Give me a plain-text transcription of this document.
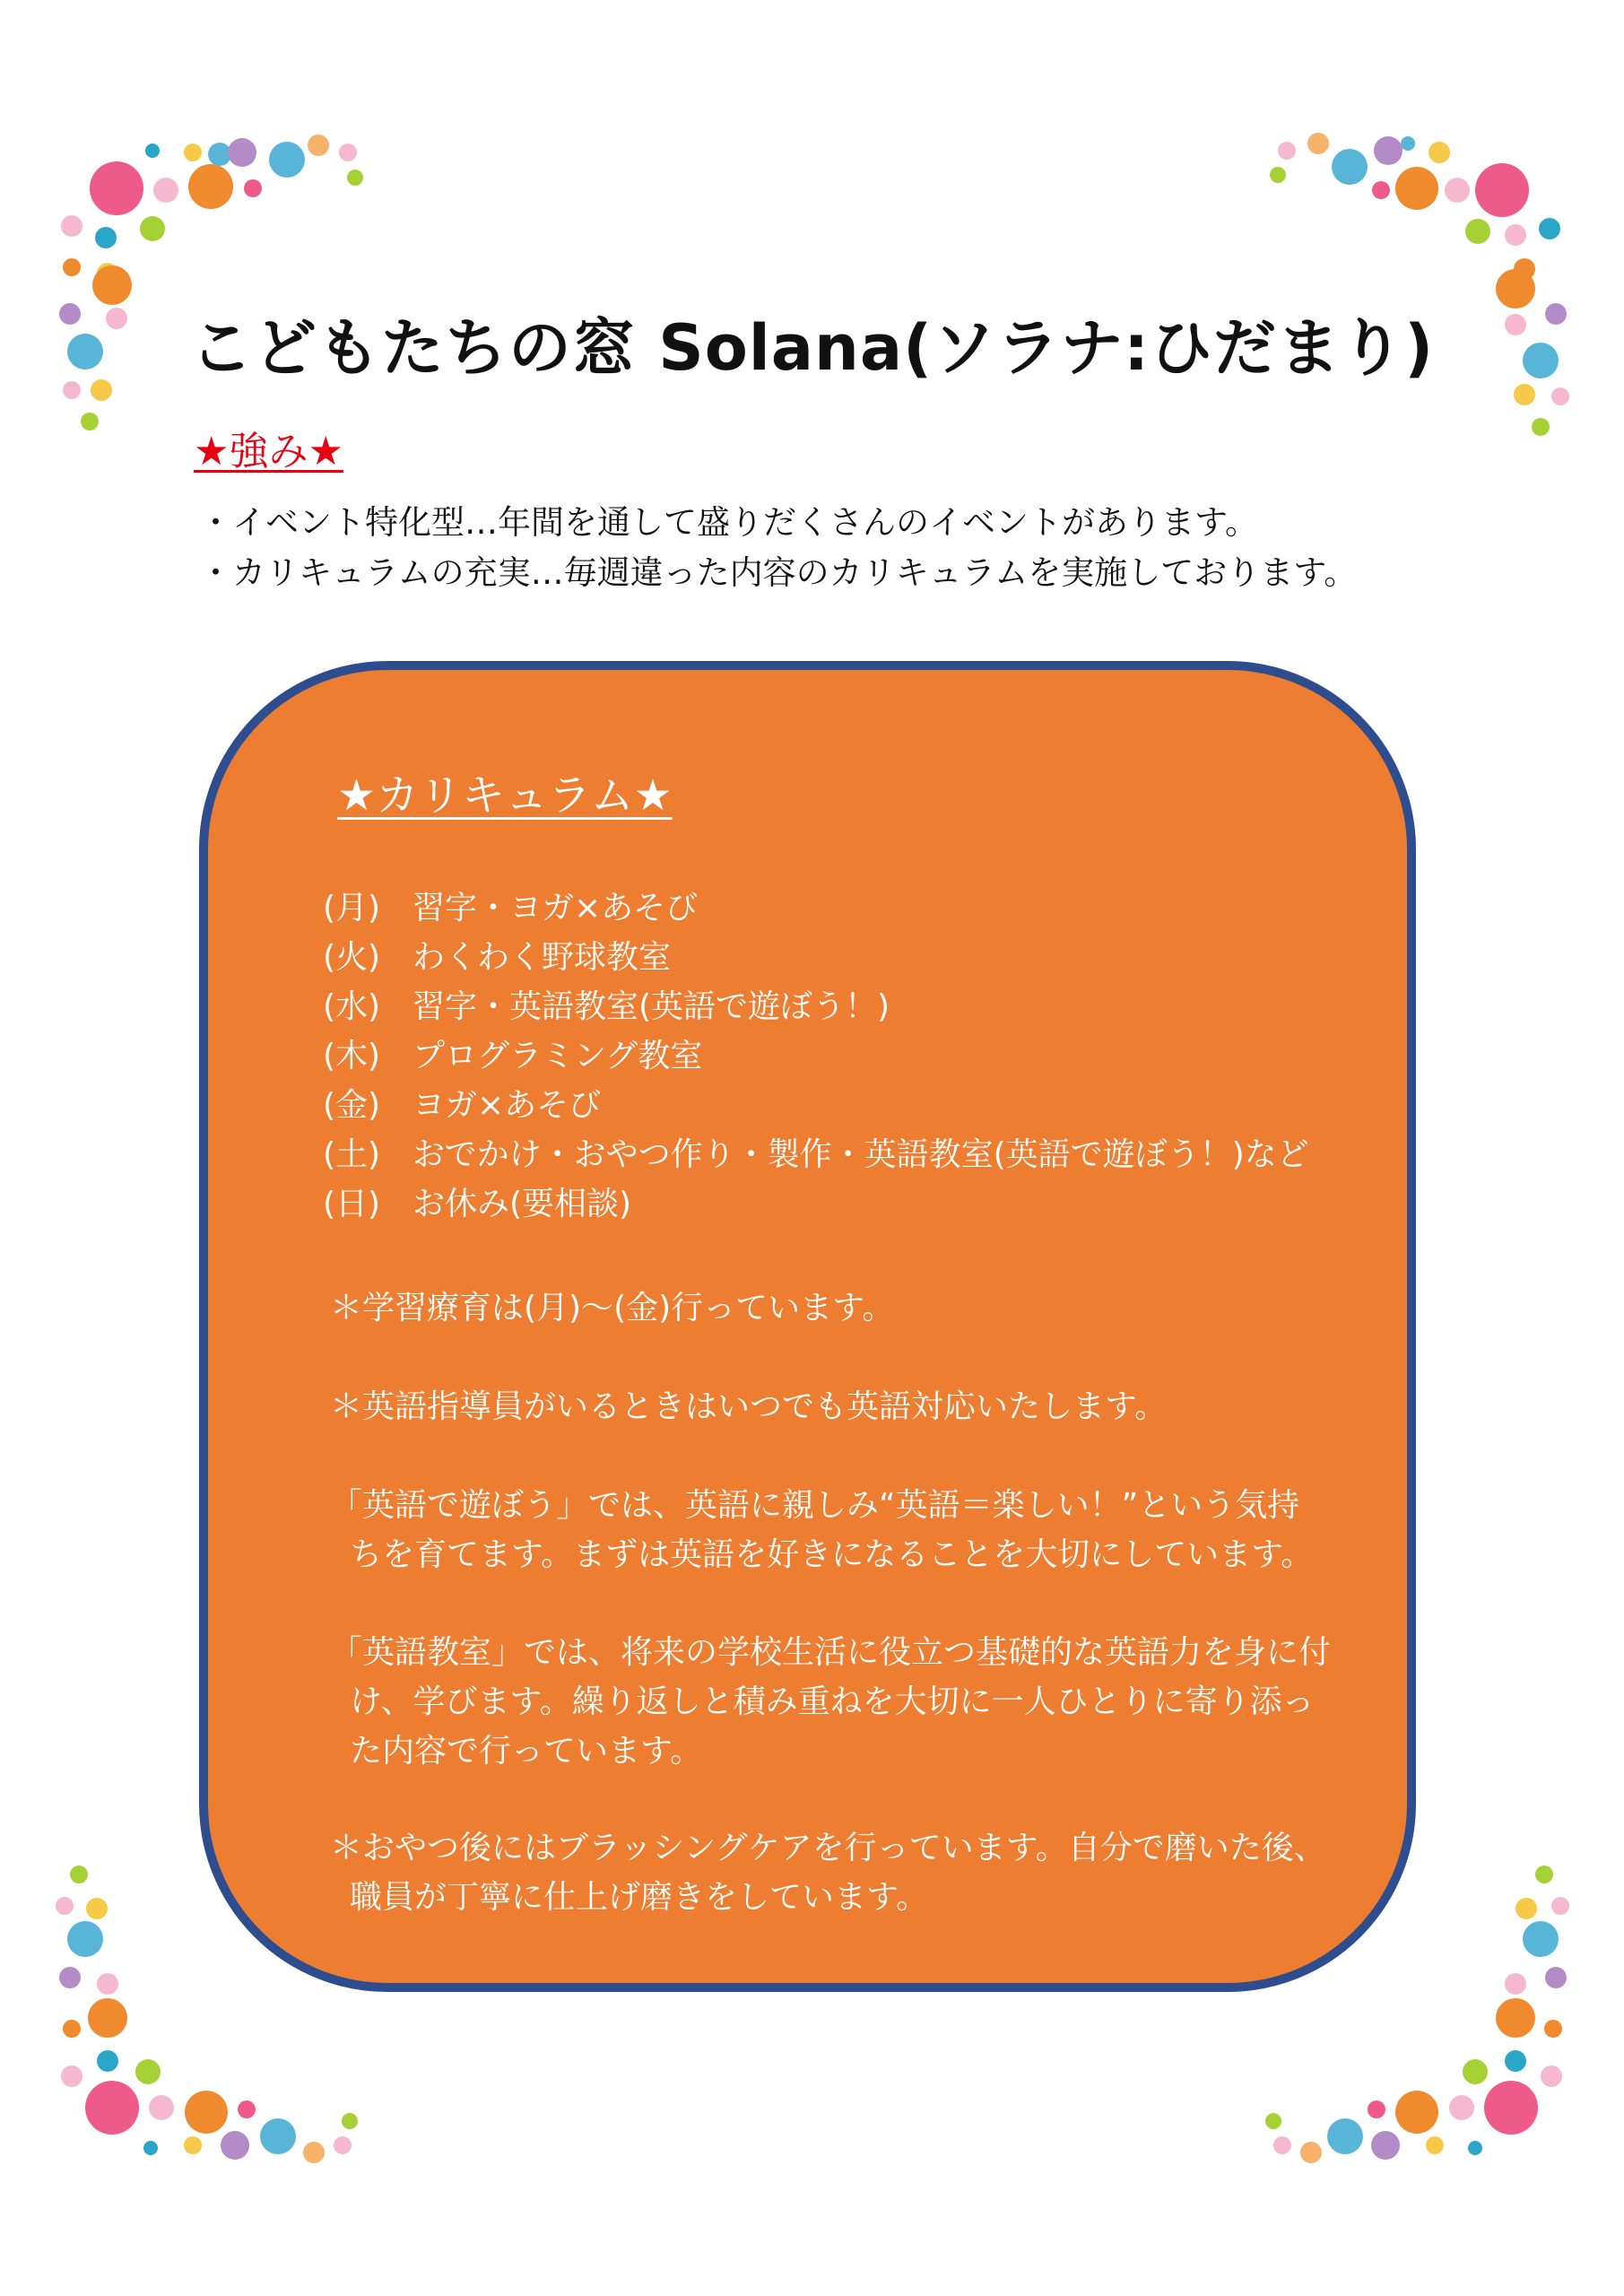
こどもたちの窓 Solana(ソラナ:ひだまり)
★強み★
・イベント特化型…年間を通して盛りだくさんのイベントがあります。
・カリキュラムの充実…毎週違った内容のカリキュラムを実施しております。
★カリキュラム★
(月) 習字・ヨガ×あそび
(火) わくわく野球教室
(水) 習字・英語教室(英語で遊ぼう！)
(木) プログラミング教室
(金) ヨガ×あそび
(土) おでかけ・おやつ作り・製作・英語教室(英語で遊ぼう！)など
(日) お休み(要相談)

＊学習療育は(月)～(金)行っています。

＊英語指導員がいるときはいつでも英語対応いたします。

「英語で遊ぼう」では、英語に親しみ“英語＝楽しい！”という気持
ちを育てます。まずは英語を好きになることを大切にしています。
「英語教室」では、将来の学校生活に役立つ基礎的な英語力を身に付
け、学びます。繰り返しと積み重ねを大切に一人ひとりに寄り添っ
た内容で行っています。
＊おやつ後にはブラッシングケアを行っています。自分で磨いた後、
職員が丁寧に仕上げ磨きをしています。
